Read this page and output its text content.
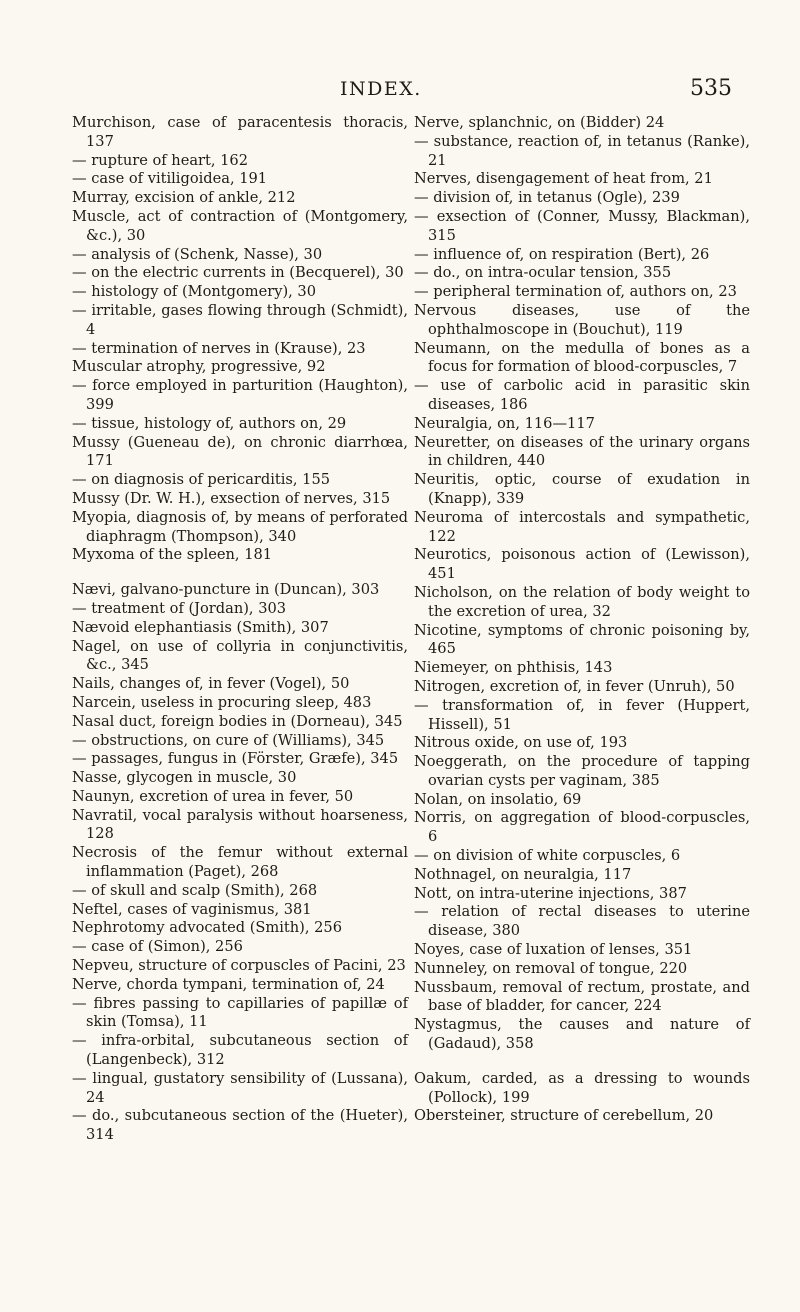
INDEX.	535
Murchison, case of paracentesis thoracis, 137
— rupture of heart, 162
— case of vitiligoidea, 191
Murray, excision of ankle, 212
Muscle, act of contraction of (Montgomery, &c.), 30
— analysis of (Schenk, Nasse), 30
— on the electric currents in (Becquerel), 30
— histology of (Montgomery), 30
— irritable, gases flowing through (Schmidt), 4
— termination of nerves in (Krause), 23
Muscular atrophy, progressive, 92
— force employed in parturition (Haughton), 399
— tissue, histology of, authors on, 29
Mussy (Gueneau de), on chronic diarrhœa, 171
— on diagnosis of pericarditis, 155
Mussy (Dr. W. H.), exsection of nerves, 315
Myopia, diagnosis of, by means of perforated diaphragm (Thompson), 340
Myxoma of the spleen, 181
Nævi, galvano-puncture in (Duncan), 303
— treatment of (Jordan), 303
Nævoid elephantiasis (Smith), 307
Nagel, on use of collyria in conjunctivitis, &c., 345
Nails, changes of, in fever (Vogel), 50
Narcein, useless in procuring sleep, 483
Nasal duct, foreign bodies in (Dorneau), 345
— obstructions, on cure of (Williams), 345
— passages, fungus in (Förster, Græfe), 345
Nasse, glycogen in muscle, 30
Naunyn, excretion of urea in fever, 50
Navratil, vocal paralysis without hoarseness, 128
Necrosis of the femur without external inflammation (Paget), 268
— of skull and scalp (Smith), 268
Neftel, cases of vaginismus, 381
Nephrotomy advocated (Smith), 256
— case of (Simon), 256
Nepveu, structure of corpuscles of Pacini, 23
Nerve, chorda tympani, termination of, 24
— fibres passing to capillaries of papillæ of skin (Tomsa), 11
— infra-orbital, subcutaneous section of (Langenbeck), 312
— lingual, gustatory sensibility of (Lussana), 24
— do., subcutaneous section of the (Hueter), 314
Nerve, splanchnic, on (Bidder) 24
— substance, reaction of, in tetanus (Ranke), 21
Nerves, disengagement of heat from, 21
— division of, in tetanus (Ogle), 239
— exsection of (Conner, Mussy, Blackman), 315
— influence of, on respiration (Bert), 26
— do., on intra-ocular tension, 355
— peripheral termination of, authors on, 23
Nervous diseases, use of the ophthalmoscope in (Bouchut), 119
Neumann, on the medulla of bones as a focus for formation of blood-corpuscles, 7
— use of carbolic acid in parasitic skin diseases, 186
Neuralgia, on, 116—117
Neuretter, on diseases of the urinary organs in children, 440
Neuritis, optic, course of exudation in (Knapp), 339
Neuroma of intercostals and sympathetic, 122
Neurotics, poisonous action of (Lewisson), 451
Nicholson, on the relation of body weight to the excretion of urea, 32
Nicotine, symptoms of chronic poisoning by, 465
Niemeyer, on phthisis, 143
Nitrogen, excretion of, in fever (Unruh), 50
— transformation of, in fever (Huppert, Hissell), 51
Nitrous oxide, on use of, 193
Noeggerath, on the procedure of tapping ovarian cysts per vaginam, 385
Nolan, on insolatio, 69
Norris, on aggregation of blood-corpuscles, 6
— on division of white corpuscles, 6
Nothnagel, on neuralgia, 117
Nott, on intra-uterine injections, 387
— relation of rectal diseases to uterine disease, 380
Noyes, case of luxation of lenses, 351
Nunneley, on removal of tongue, 220
Nussbaum, removal of rectum, prostate, and base of bladder, for cancer, 224
Nystagmus, the causes and nature of (Gadaud), 358
Oakum, carded, as a dressing to wounds (Pollock), 199
Obersteiner, structure of cerebellum, 20
